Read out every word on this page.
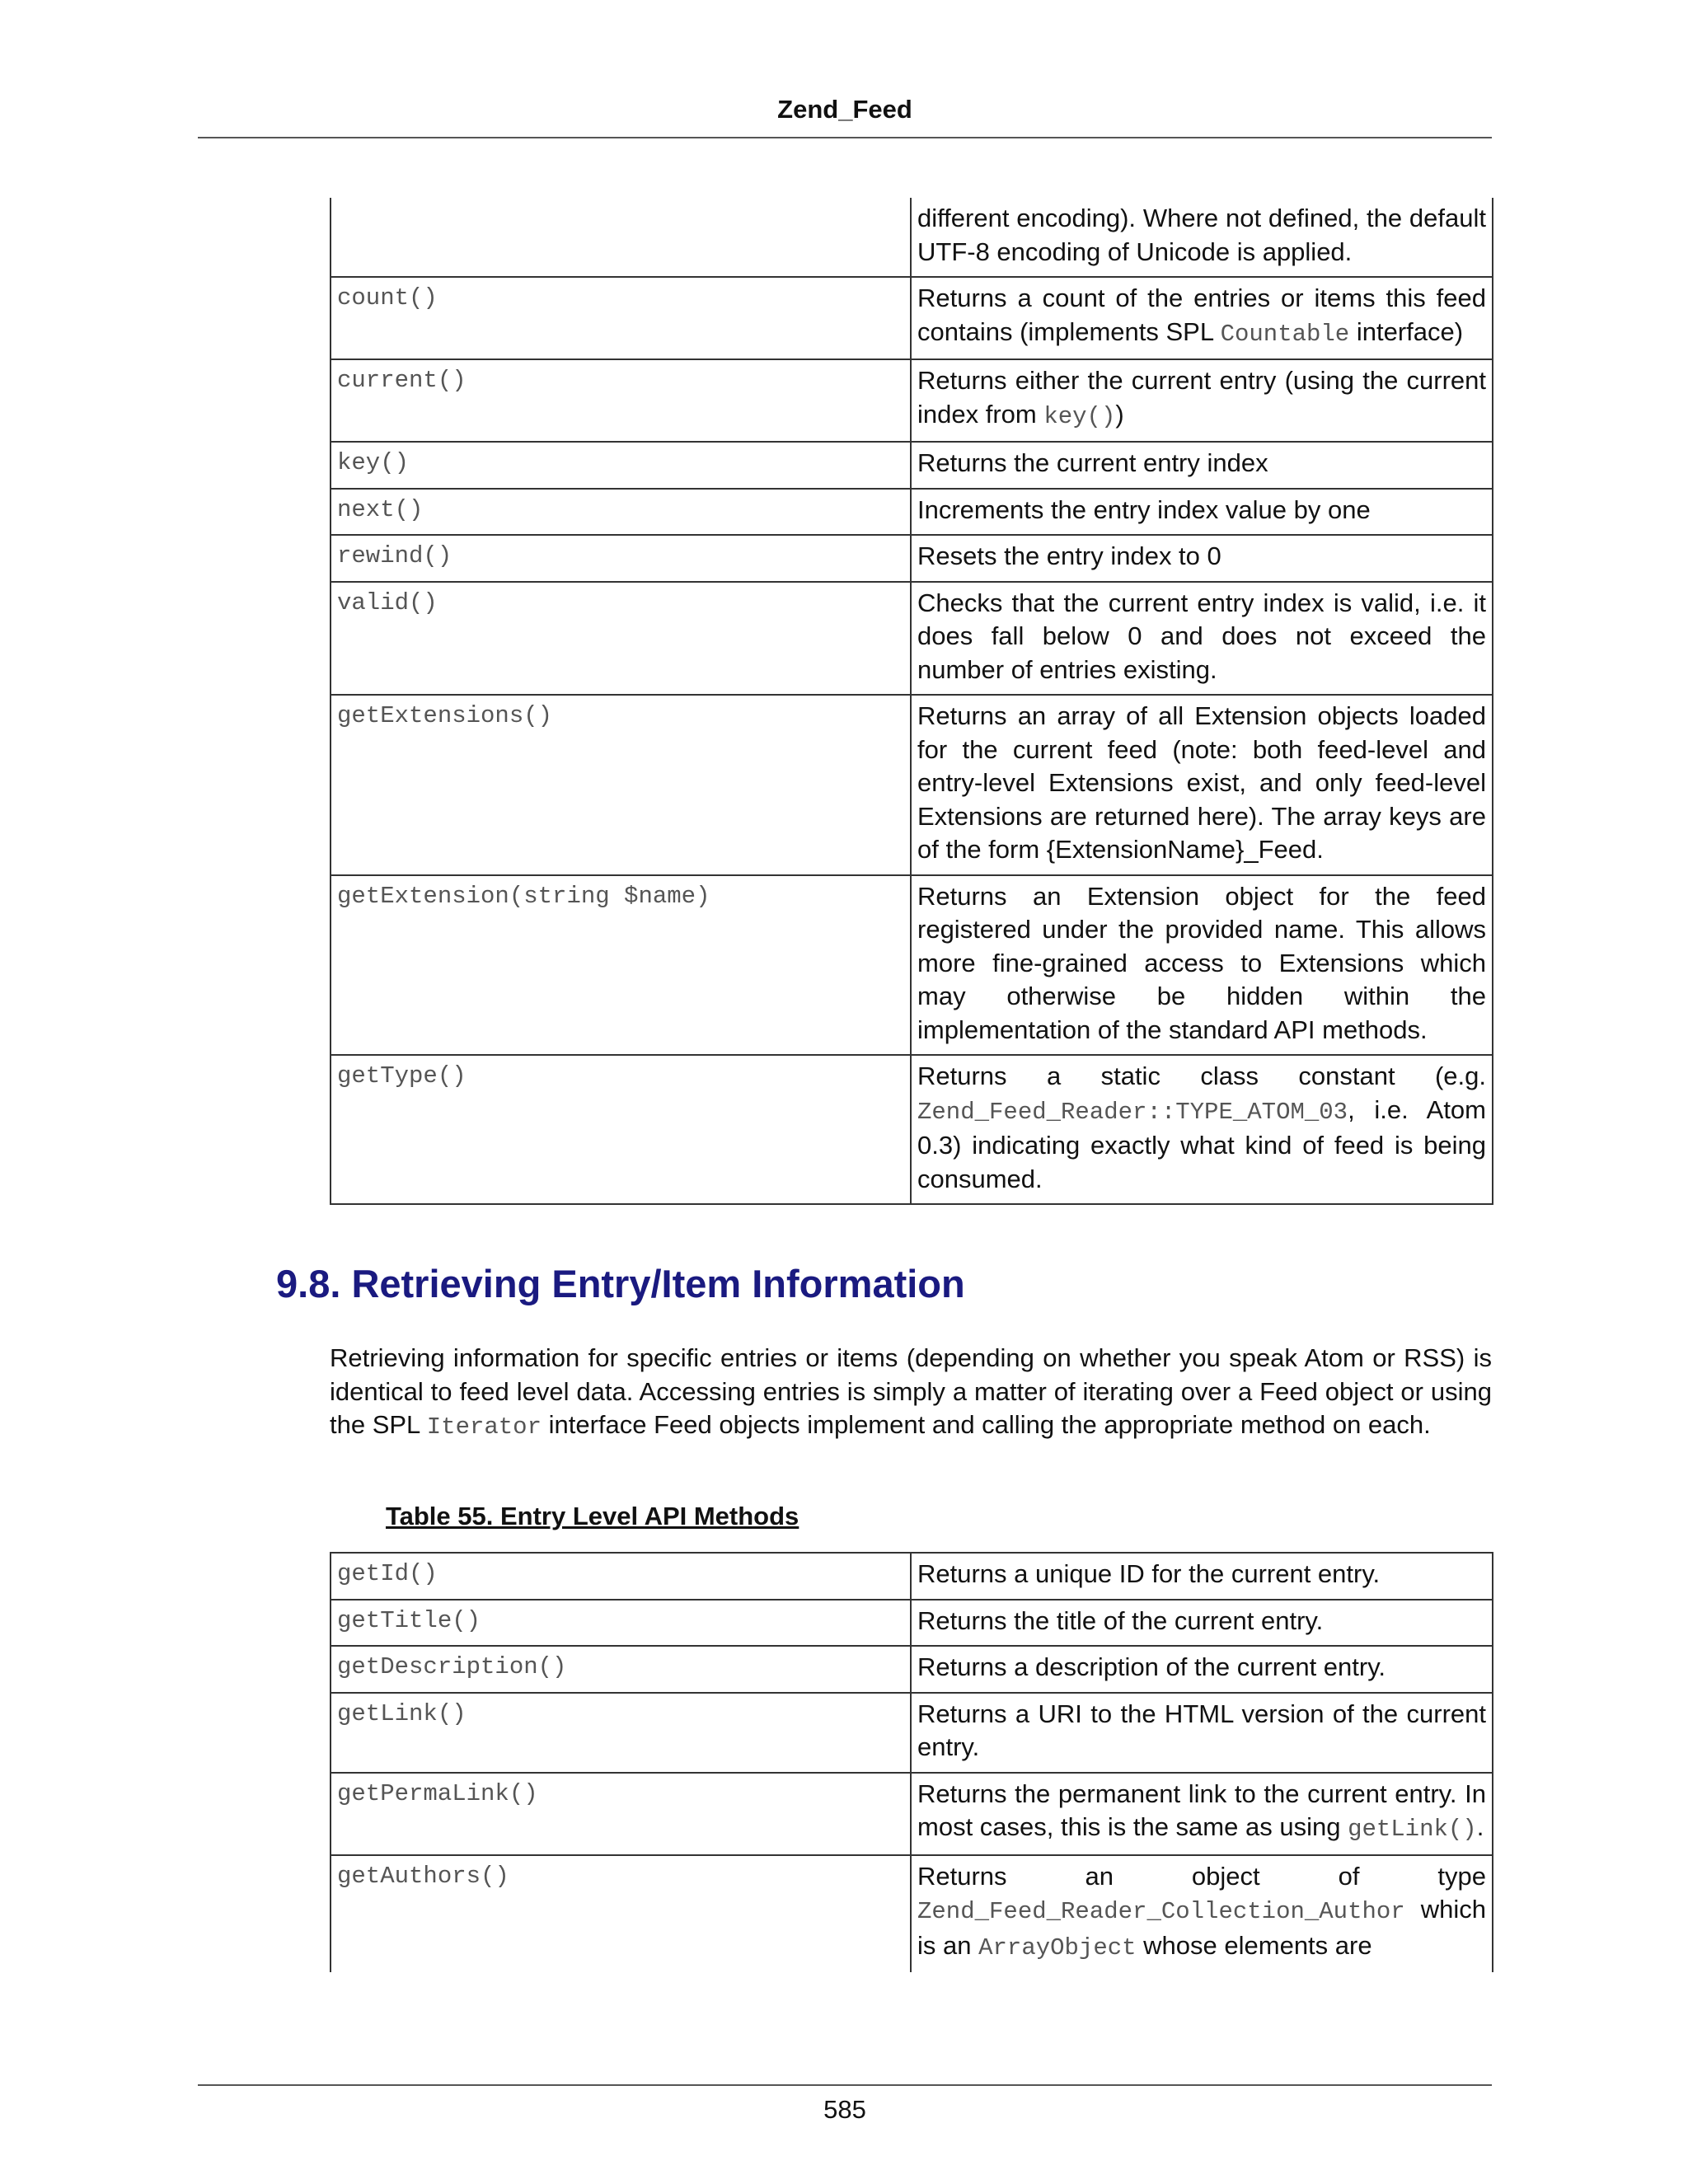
Zend_Feed
	different encoding). Where not defined, the default UTF-8 encoding of Unicode is applied.
count()	Returns a count of the entries or items this feed contains (implements SPL Countable interface)
current()	Returns either the current entry (using the current index from key())
key()	Returns the current entry index
next()	Increments the entry index value by one
rewind()	Resets the entry index to 0
valid()	Checks that the current entry index is valid, i.e. it does fall below 0 and does not exceed the number of entries existing.
getExtensions()	Returns an array of all Extension objects loaded for the current feed (note: both feed-level and entry-level Extensions exist, and only feed-level Extensions are returned here). The array keys are of the form {ExtensionName}_Feed.
getExtension(string $name)	Returns an Extension object for the feed registered under the provided name. This allows more fine-grained access to Extensions which may otherwise be hidden within the implementation of the standard API methods.
getType()	Returns a static class constant (e.g. Zend_Feed_Reader::TYPE_ATOM_03, i.e. Atom 0.3) indicating exactly what kind of feed is being consumed.
9.8. Retrieving Entry/Item Information

Retrieving information for specific entries or items (depending on whether you speak Atom or RSS) is identical to feed level data. Accessing entries is simply a matter of iterating over a Feed object or using the SPL Iterator interface Feed objects implement and calling the appropriate method on each.

Table 55. Entry Level API Methods

getId()	Returns a unique ID for the current entry.
getTitle()	Returns the title of the current entry.
getDescription()	Returns a description of the current entry.
getLink()	Returns a URI to the HTML version of the current entry.
getPermaLink()	Returns the permanent link to the current entry. In most cases, this is the same as using getLink().
getAuthors()	Returns an object of type Zend_Feed_Reader_Collection_Author which is an ArrayObject whose elements are
585
